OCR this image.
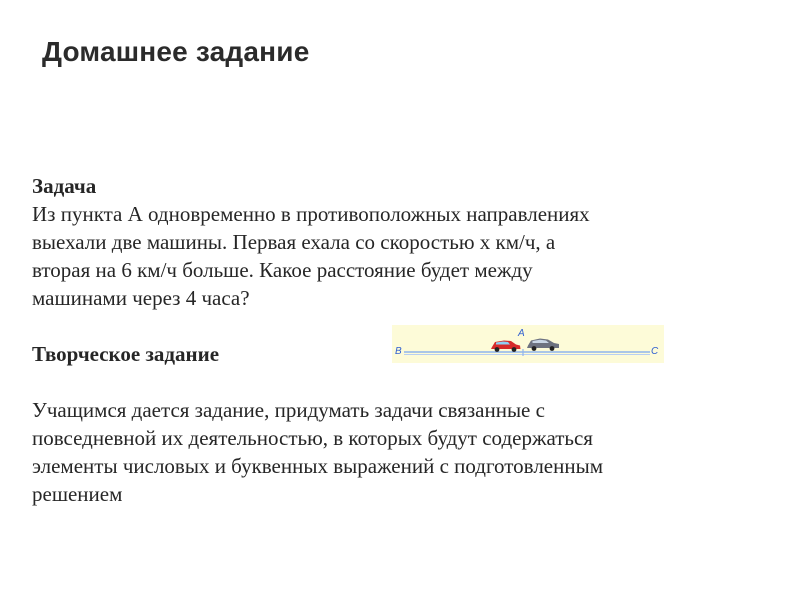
Домашнее задание
Задача
Из пункта А одновременно в противоположных направлениях
выехали две машины. Первая ехала со скоростью х км/ч, а
вторая на 6 км/ч больше. Какое расстояние будет между
машинами через 4 часа?
Творческое задание
Учащимся дается задание, придумать задачи связанные с
повседневной их деятельностью, в которых будут содержаться
элементы числовых и буквенных выражений с подготовленным
решением
A
B	C
